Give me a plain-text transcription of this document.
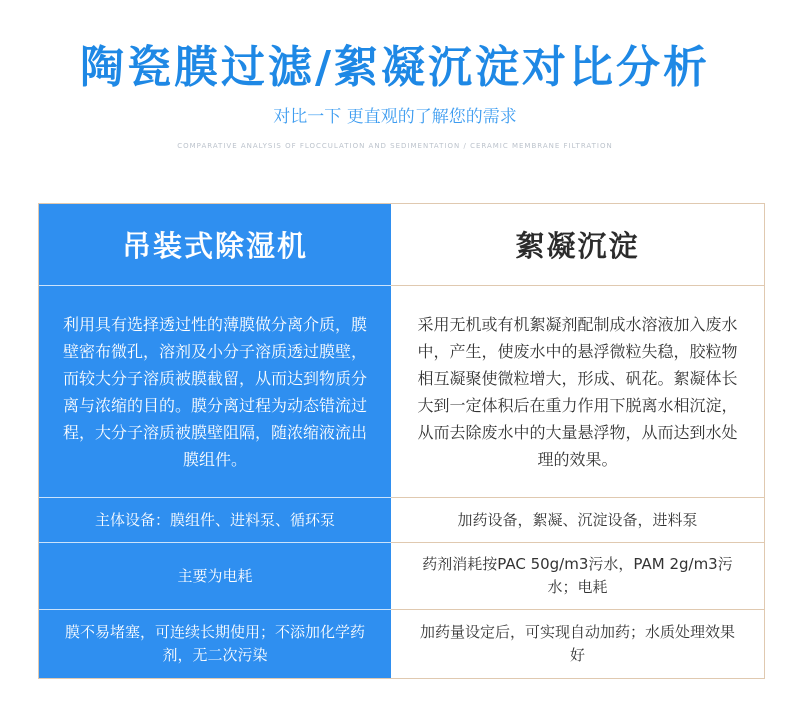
陶瓷膜过滤/絮凝沉淀对比分析
对比一下 更直观的了解您的需求
COMPARATIVE ANALYSIS OF FLOCCULATION AND SEDIMENTATION / CERAMIC MEMBRANE FILTRATION
吊装式除湿机
利用具有选择透过性的薄膜做分离介质，膜壁密布微孔，溶剂及小分子溶质透过膜壁，而较大分子溶质被膜截留，从而达到物质分离与浓缩的目的。膜分离过程为动态错流过程，大分子溶质被膜壁阻隔，随浓缩液流出膜组件。
主体设备：膜组件、进料泵、循环泵
主要为电耗
膜不易堵塞，可连续长期使用；不添加化学药剂，无二次污染
絮凝沉淀
采用无机或有机絮凝剂配制成水溶液加入废水中，产生，使废水中的悬浮微粒失稳，胶粒物相互凝聚使微粒增大，形成、矾花。絮凝体长大到一定体积后在重力作用下脱离水相沉淀，从而去除废水中的大量悬浮物，从而达到水处理的效果。
加药设备，絮凝、沉淀设备，进料泵
药剂消耗按PAC 50g/m3污水，PAM 2g/m3污水；电耗
加药量设定后，可实现自动加药；水质处理效果好
